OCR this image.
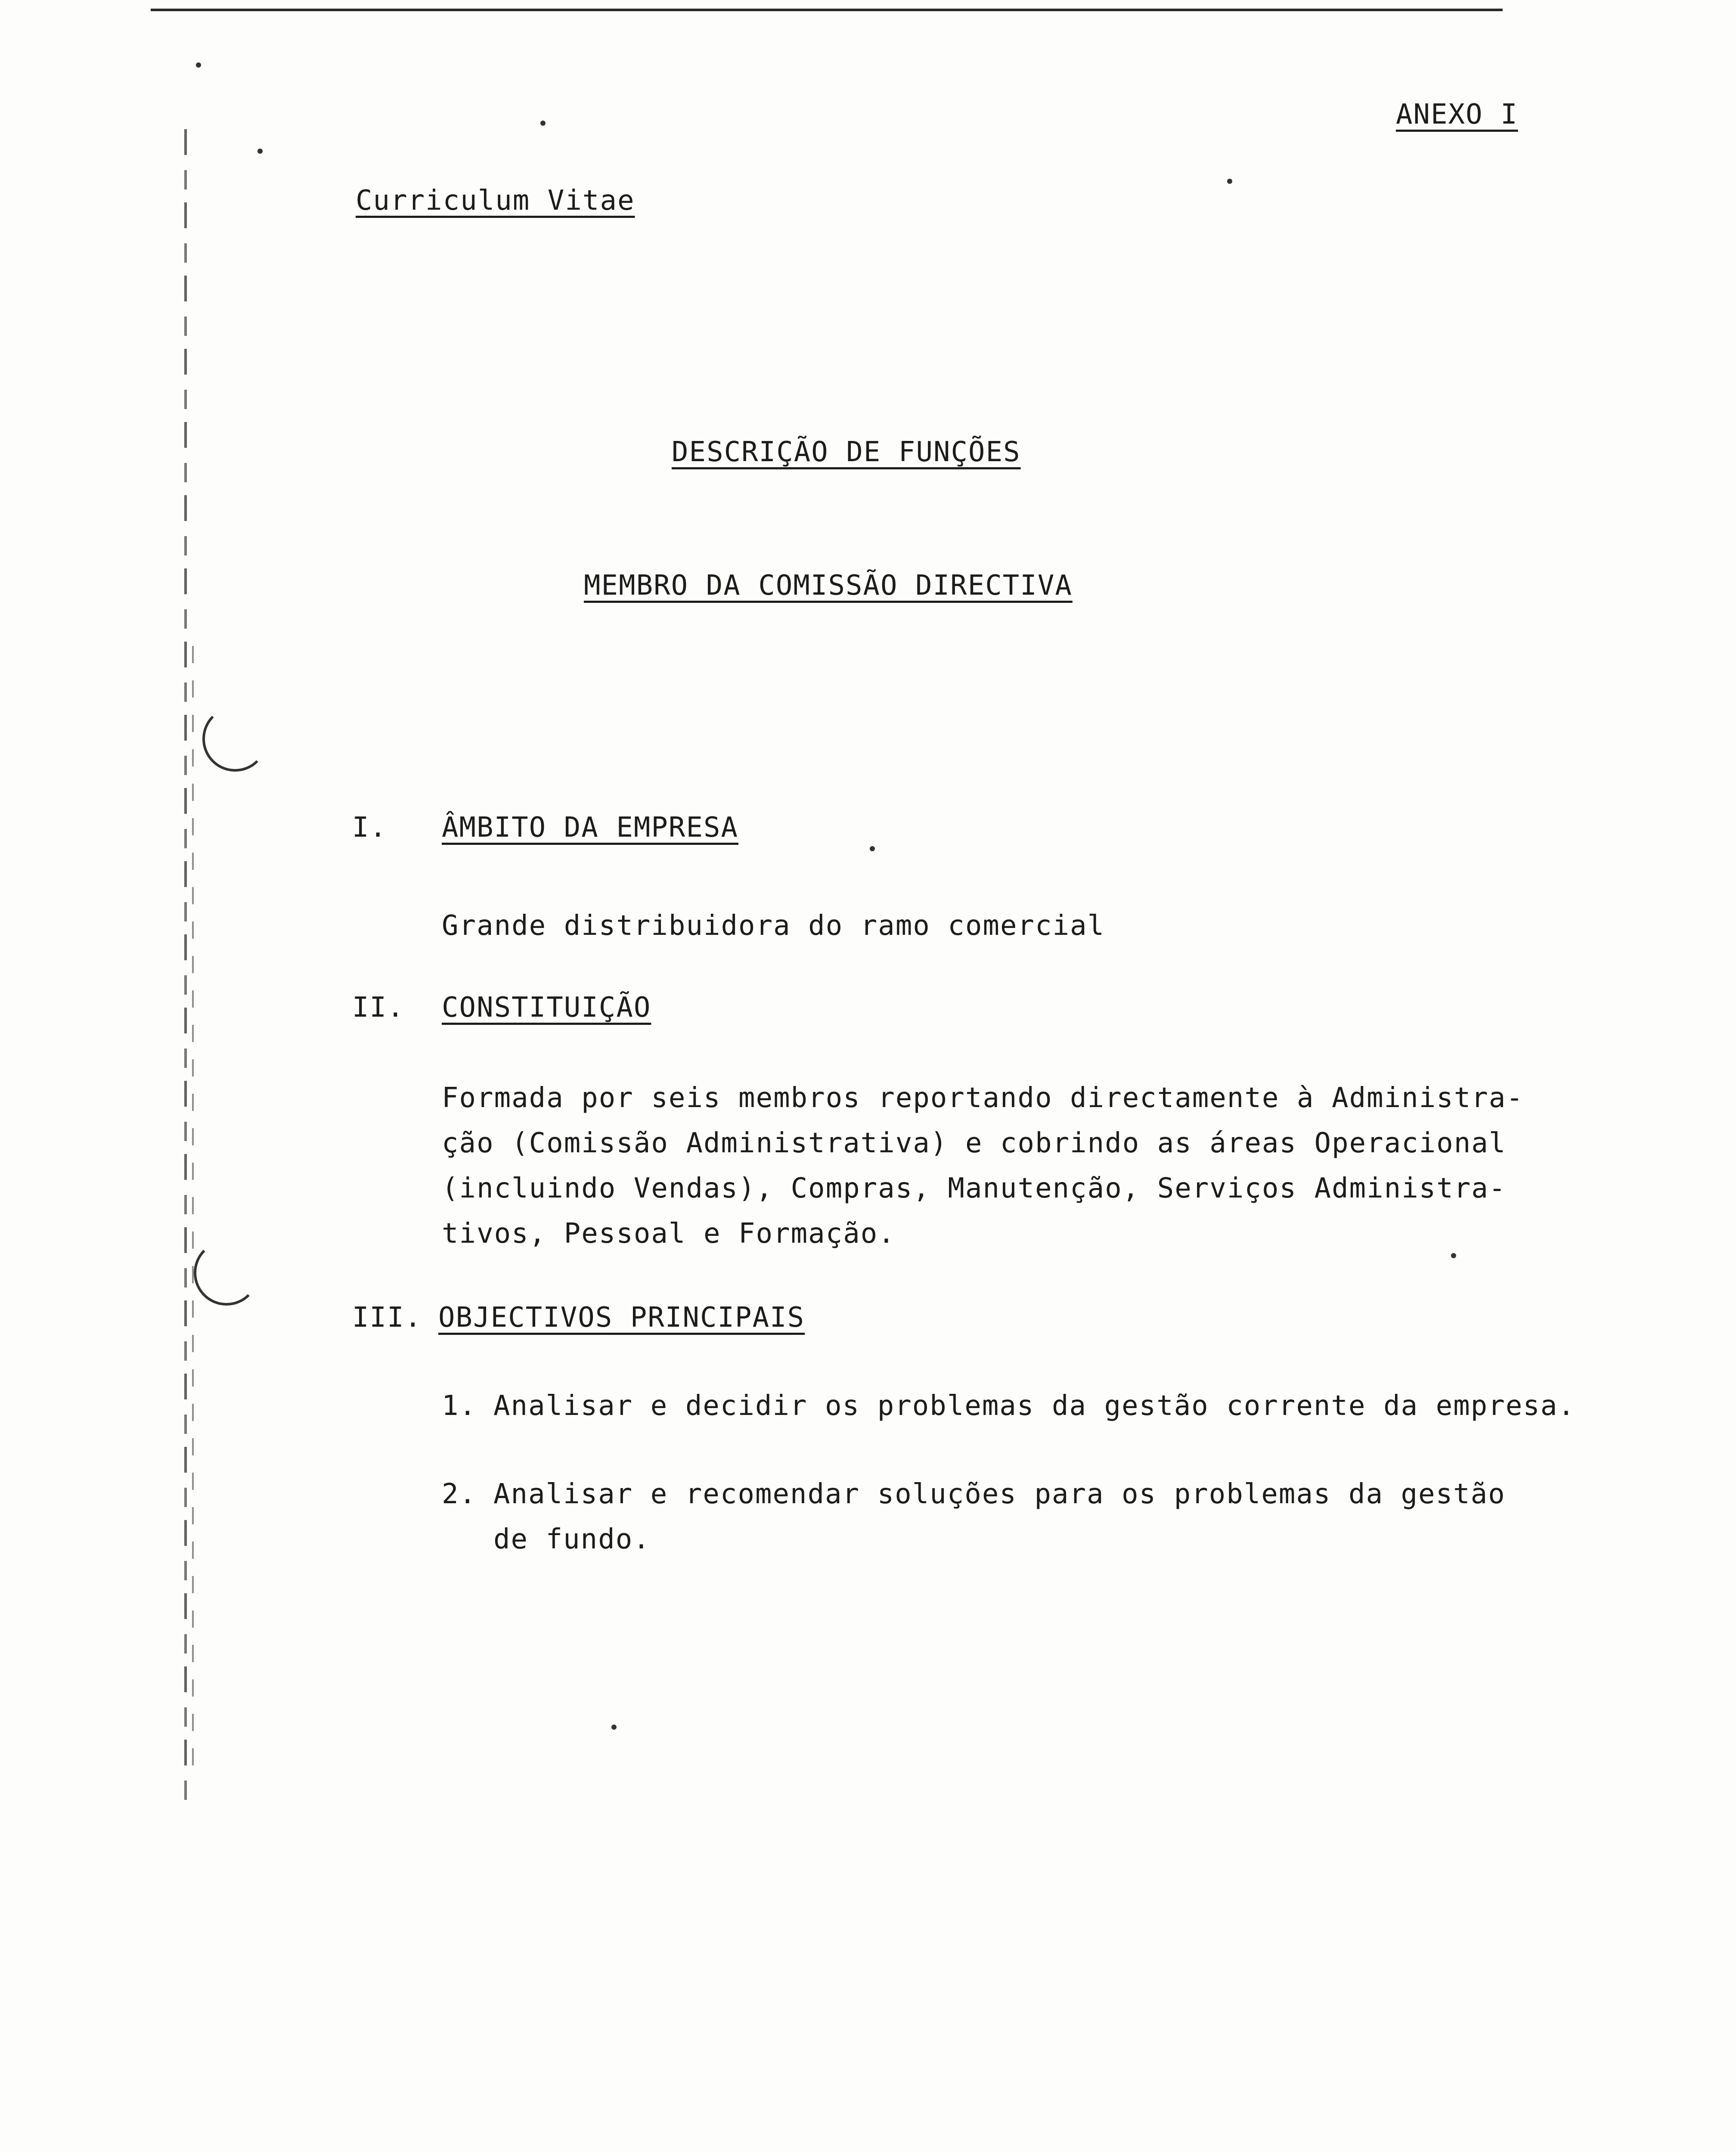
ANEXO I
Curriculum Vitae
DESCRIÇÃO DE FUNÇÕES
MEMBRO DA COMISSÃO DIRECTIVA
I. ÂMBITO DA EMPRESA
Grande distribuidora do ramo comercial
II. CONSTITUIÇÃO
Formada por seis membros reportando directamente à Administra-
ção (Comissão Administrativa) e cobrindo as áreas Operacional
(incluindo Vendas), Compras, Manutenção, Serviços Administra-
tivos, Pessoal e Formação.
III. OBJECTIVOS PRINCIPAIS
1. Analisar e decidir os problemas da gestão corrente da empresa.
2. Analisar e recomendar soluções para os problemas da gestão
de fundo.
